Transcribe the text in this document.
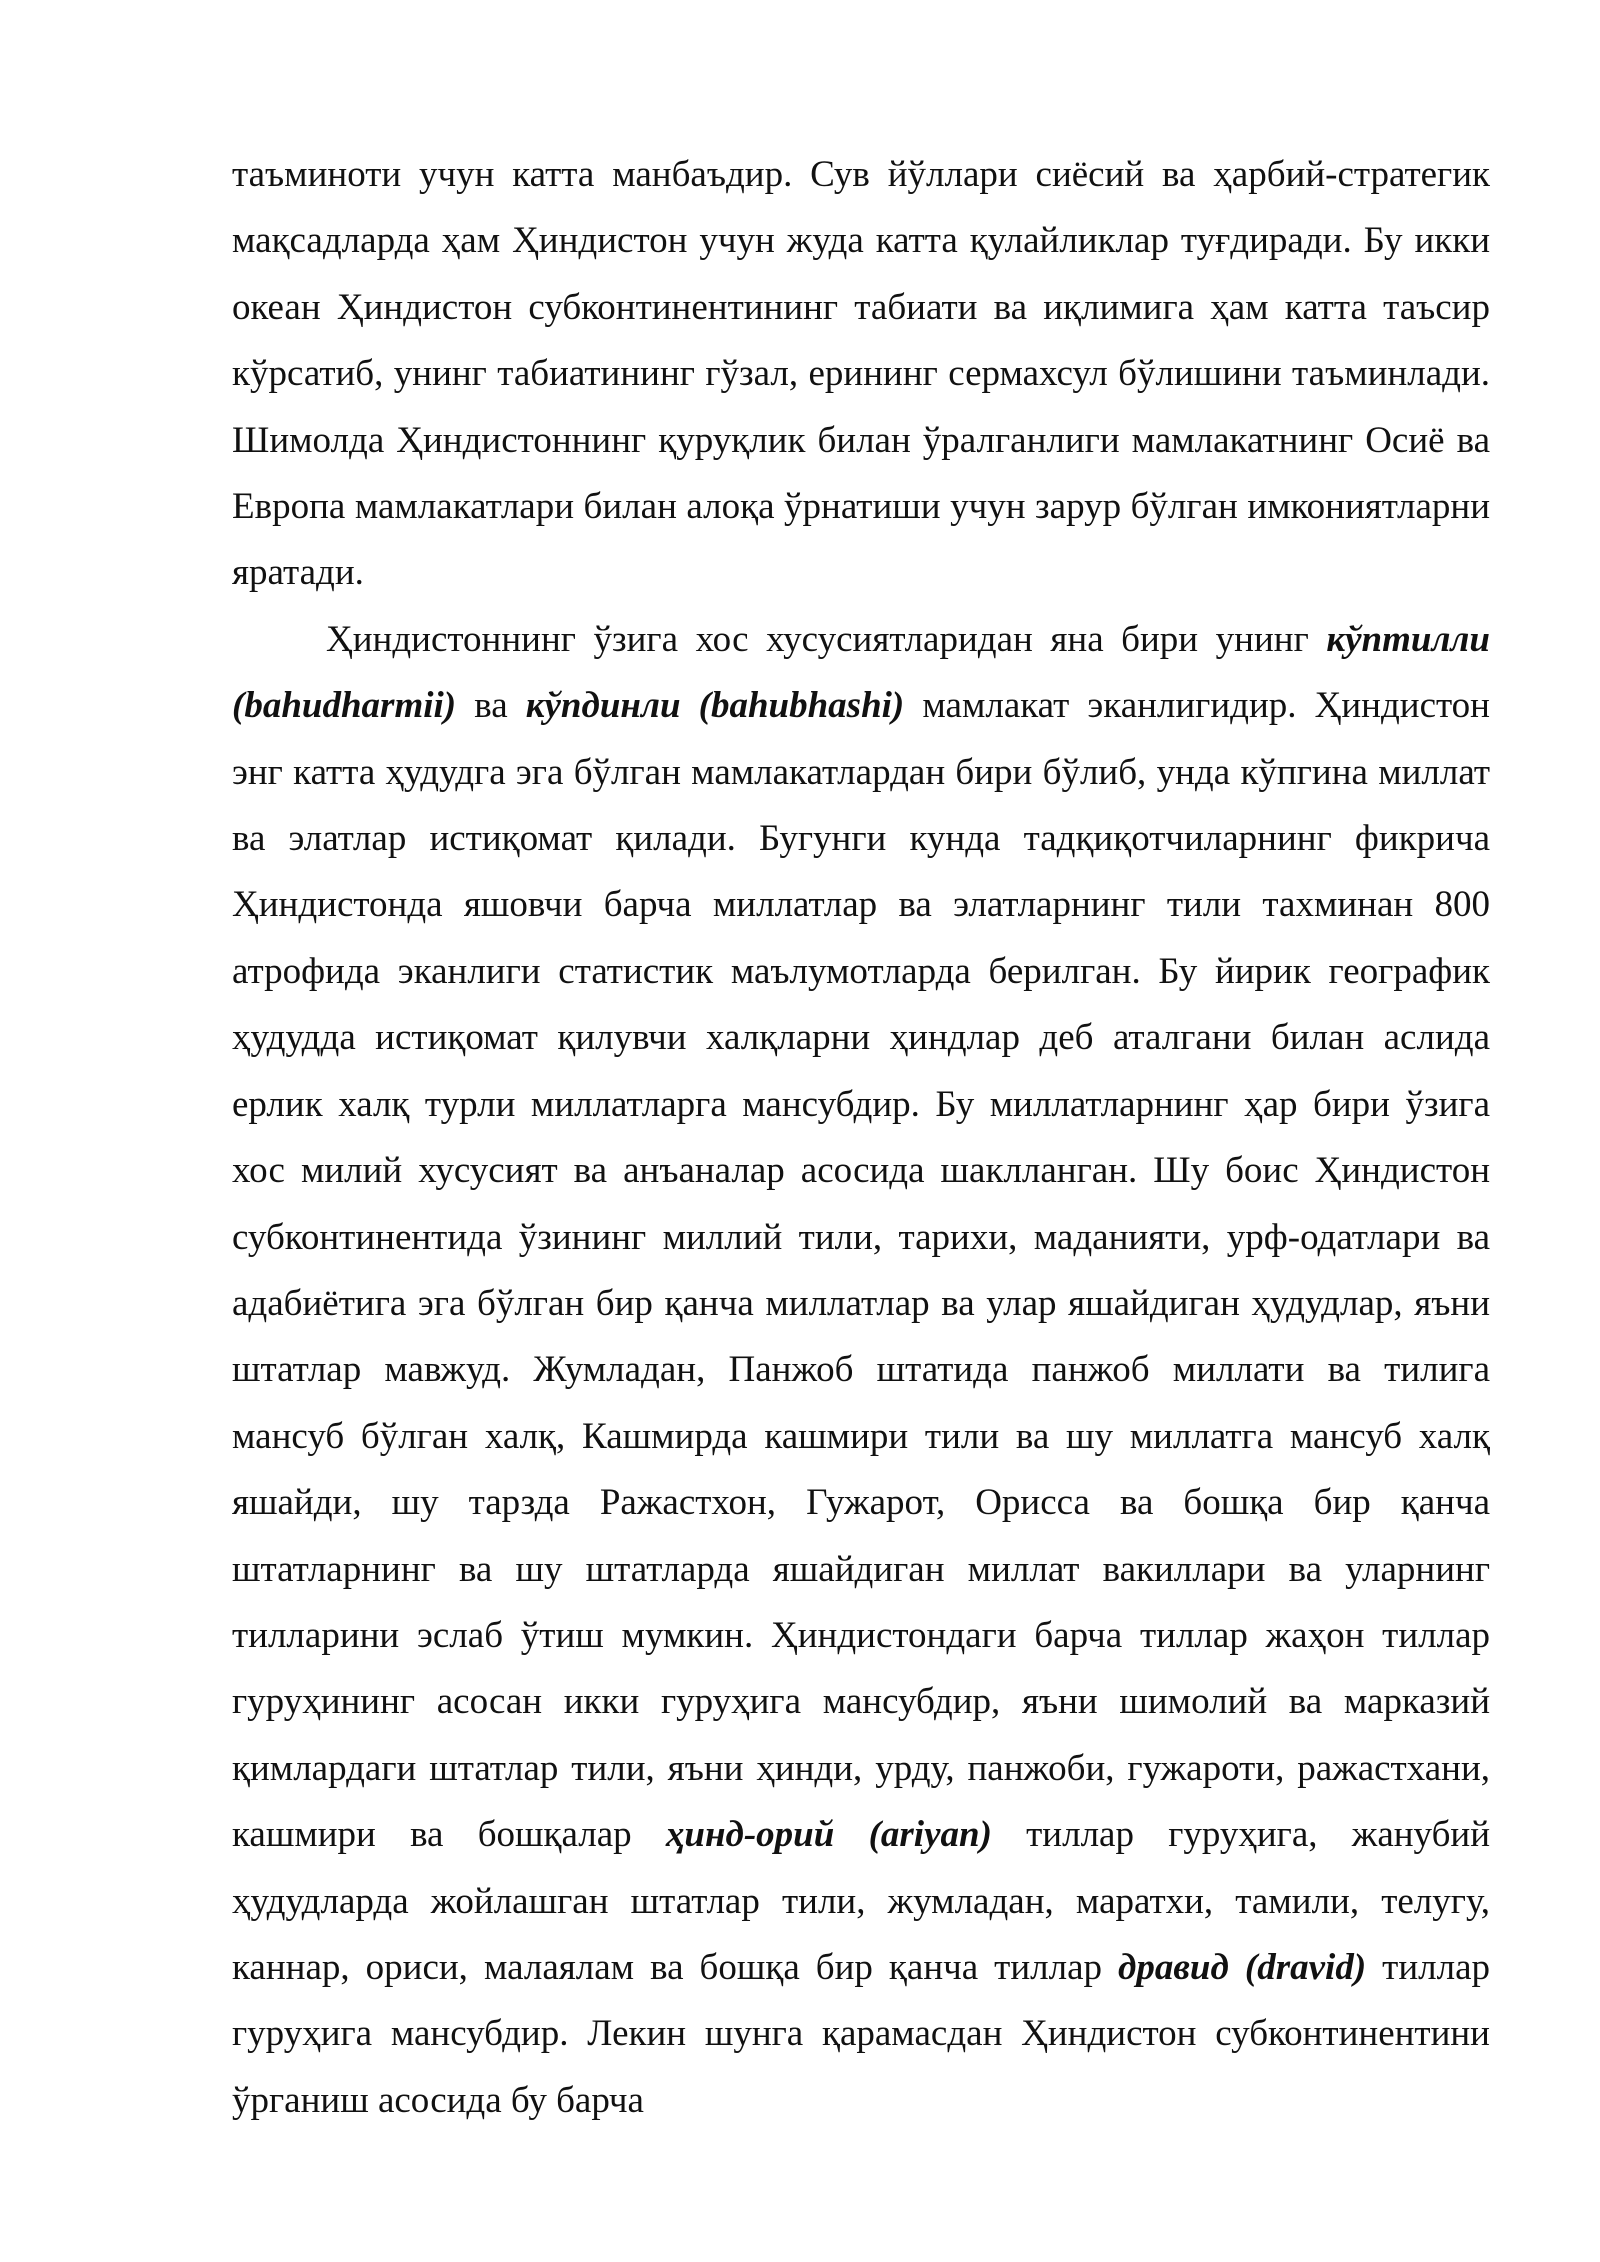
таъминоти учун катта манбаъдир. Сув йўллари сиёсий ва ҳарбий-стратегик мақсадларда ҳам Ҳиндистон учун жуда катта қулайликлар туғдиради. Бу икки океан Ҳиндистон субконтинентининг табиати ва иқлимига ҳам катта таъсир кўрсатиб, унинг табиатининг гўзал, ерининг сермахсул бўлишини таъминлади. Шимолда Ҳиндистоннинг қуруқлик билан ўралганлиги мамлакатнинг Осиё ва Европа мамлакатлари билан алоқа ўрнатиши учун зарур бўлган имкониятларни яратади.

Ҳиндистоннинг ўзига хос хусусиятларидан яна бири унинг кўптилли (bahudharmii) ва кўпдинли (bahubhashi) мамлакат эканлигидир. Ҳиндистон энг катта ҳудудга эга бўлган мамлакатлардан бири бўлиб, унда кўпгина миллат ва элатлар истиқомат қилади. Бугунги кунда тадқиқотчиларнинг фикрича Ҳиндистонда яшовчи барча миллатлар ва элатларнинг тили тахминан 800 атрофида эканлиги статистик маълумотларда берилган. Бу йирик географик ҳудудда истиқомат қилувчи халқларни ҳиндлар деб аталгани билан аслида ерлик халқ турли миллатларга мансубдир. Бу миллатларнинг ҳар бири ўзига хос милий хусусият ва анъаналар асосида шаклланган. Шу боис Ҳиндистон субконтинентида ўзининг миллий тили, тарихи, маданияти, урф-одатлари ва адабиётига эга бўлган бир қанча миллатлар ва улар яшайдиган ҳудудлар, яъни штатлар мавжуд. Жумладан, Панжоб штатида панжоб миллати ва тилига мансуб бўлган халқ, Кашмирда кашмири тили ва шу миллатга мансуб халқ яшайди, шу тарзда Ражастхон, Гужарот, Орисса ва бошқа бир қанча штатларнинг ва шу штатларда яшайдиган миллат вакиллари ва уларнинг тилларини эслаб ўтиш мумкин. Ҳиндистондаги барча тиллар жаҳон тиллар гуруҳининг асосан икки гуруҳига мансубдир, яъни шимолий ва марказий қимлардаги штатлар тили, яъни ҳинди, урду, панжоби, гужароти, ражастхани, кашмири ва бошқалар ҳинд-орий (ariyan) тиллар гуруҳига, жанубий ҳудудларда жойлашган штатлар тили, жумладан, маратхи, тамили, телугу, каннар, ориси, малаялам ва бошқа бир қанча тиллар дравид (dravid) тиллар гуруҳига мансубдир. Лекин шунга қарамасдан Ҳиндистон субконтинентини ўрганиш асосида бу барча
